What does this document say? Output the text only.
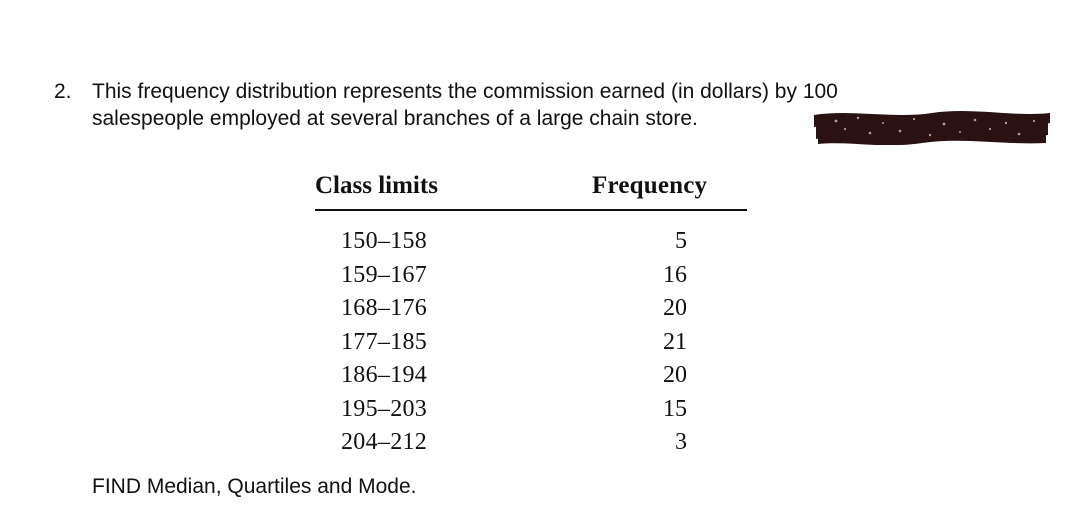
2. This frequency distribution represents the commission earned (in dollars) by 100
salespeople employed at several branches of a large chain store.
Class limits	Frequency
150–158	5
159–167	16
168–176	20
177–185	21
186–194	20
195–203	15
204–212	3
FIND Median, Quartiles and Mode.
